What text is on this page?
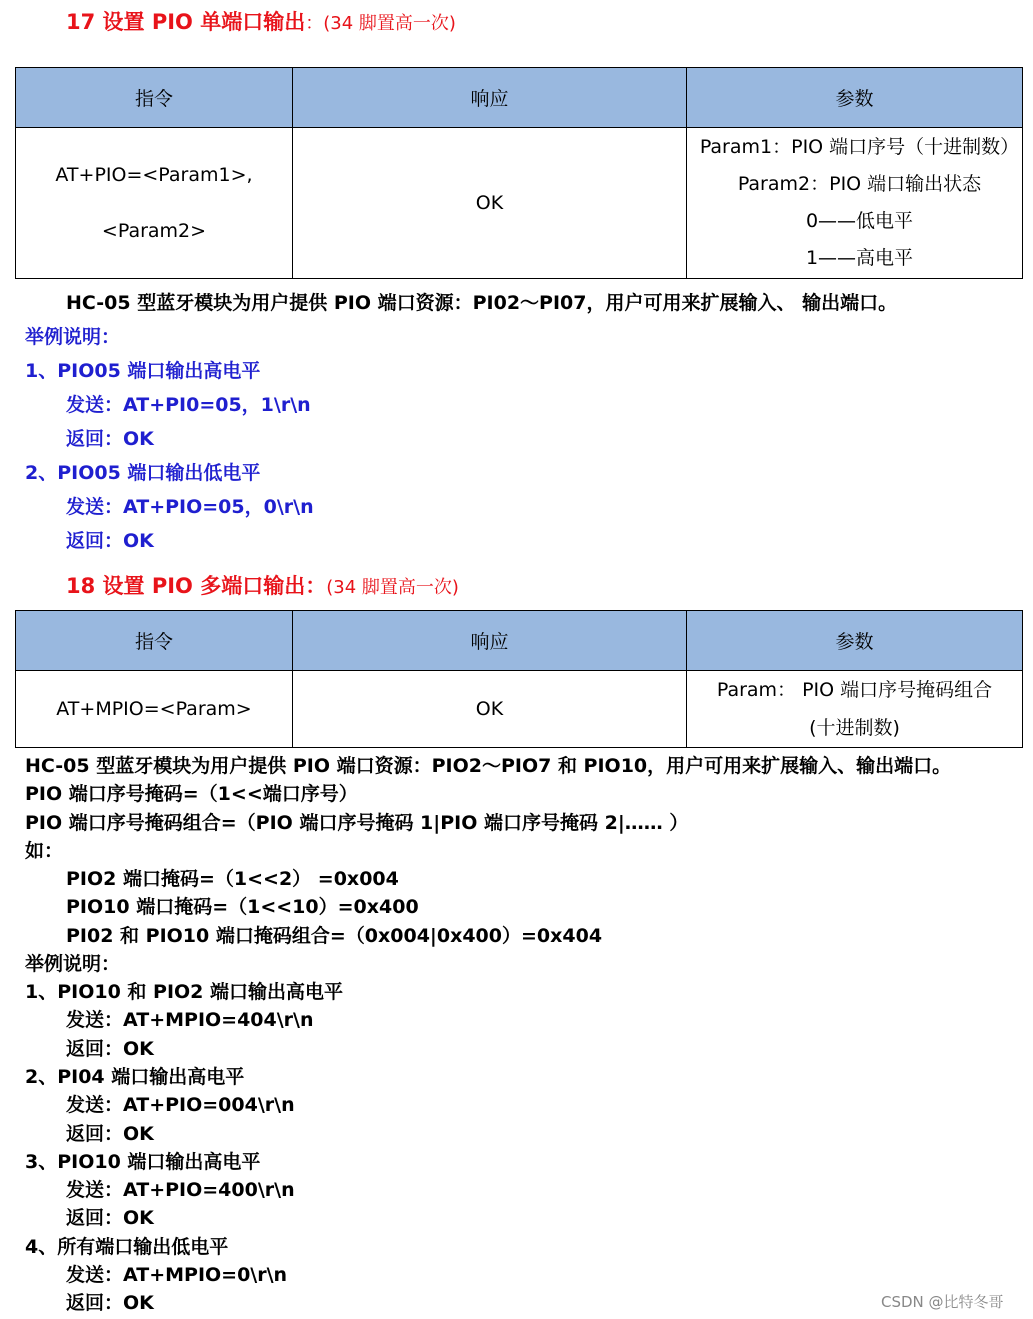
17 设置 PIO 单端口输出：(34 脚置高一次)
指令	响应	参数

AT+PIO=<Param1>,
<Param2>	OK	Param1：PIO 端口序号（十进制数）
Param2：PIO 端口输出状态
0——低电平
1——高电平
HC-05 型蓝牙模块为用户提供 PIO 端口资源：PI02～PI07，用户可用来扩展输入、 输出端口。
举例说明：
1、PIO05 端口输出高电平
发送：AT+PI0=05，1\r\n
返回：OK
2、PIO05 端口输出低电平
发送：AT+PIO=05，0\r\n
返回：OK
18 设置 PIO 多端口输出：(34 脚置高一次)
指令	响应	参数
AT+MPIO=<Param>	OK	Param： PIO 端口序号掩码组合
(十进制数)
HC-05 型蓝牙模块为用户提供 PIO 端口资源：PIO2～PIO7 和 PIO10，用户可用来扩展输入、输出端口。
PIO 端口序号掩码=（1<<端口序号）
PIO 端口序号掩码组合=（PIO 端口序号掩码 1|PIO 端口序号掩码 2|…… ）
如：
PIO2 端口掩码=（1<<2） =0x004
PIO10 端口掩码=（1<<10）=0x400
PI02 和 PIO10 端口掩码组合=（0x004|0x400）=0x404
举例说明：
1、PIO10 和 PIO2 端口输出高电平
发送：AT+MPIO=404\r\n
返回：OK
2、PI04 端口输出高电平
发送：AT+PIO=004\r\n
返回：OK
3、PIO10 端口输出高电平
发送：AT+PIO=400\r\n
返回：OK
4、所有端口输出低电平
发送：AT+MPIO=0\r\n
返回：OK	CSDN @比特冬哥
